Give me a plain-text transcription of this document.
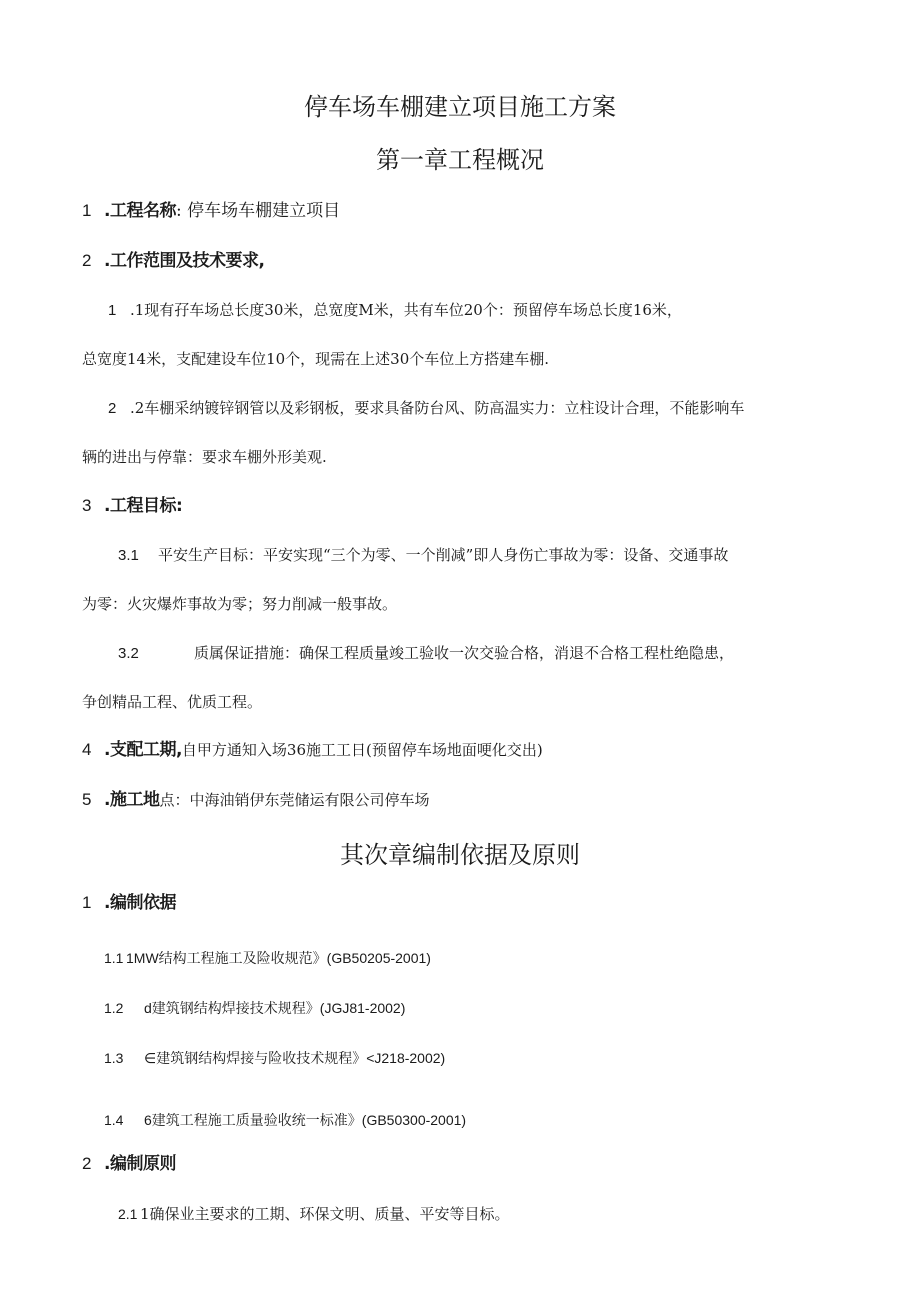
停车场车棚建立项目施工方案
第一章工程概况
1 .工程名称: 停车场车棚建立项目
2 .工作范围及技术要求,
1 .1现有孖车场总长度30米，总宽度M米，共有车位20个：预留停车场总长度16米，
总宽度14米，支配建设车位10个，现需在上述30个车位上方搭建车棚.
2 .2车棚采纳镀锌钢管以及彩钢板，要求具备防台风、防高温实力：立柱设计合理，不能影响车
辆的进出与停靠：要求车棚外形美观.
3 .工程目标:
3.1 平安生产目标：平安实现“三个为零、一个削减”即人身伤亡事故为零：设备、交通事故
为零：火灾爆炸事故为零；努力削减一般事故。
3.2	质属保证措施：确保工程质量竣工验收一次交验合格，消退不合格工程杜绝隐患，
争创精品工程、优质工程。
4 .支配工期,自甲方通知入场36施工工日(预留停车场地面哽化交出)
5 .施工地点：中海油销伊东莞储运有限公司停车场
其次章编制依据及原则
1 .编制依据
1.1 1MW结构工程施工及险收规范》(GB50205-2001)
1.2 d建筑钢结构焊接技术规程》(JGJ81-2002)
1.3 ∈建筑钢结构焊接与险收技术规程》<J218-2002)
1.4 6建筑工程施工质量验收统一标准》(GB50300-2001)
2 .编制原则
2.1 1确保业主要求的工期、环保文明、质量、平安等目标。
